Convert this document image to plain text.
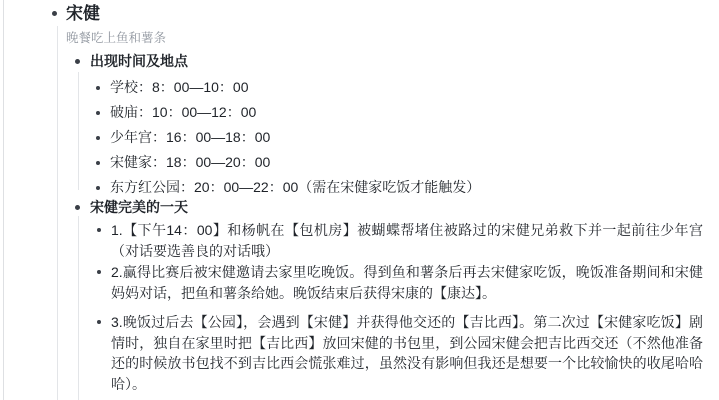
宋健
晚餐吃上鱼和薯条
出现时间及地点
学校：8：00—10：00
破庙：10：00—12：00
少年宫：16：00—18：00
宋健家：18：00—20：00
东方红公园：20：00—22：00（需在宋健家吃饭才能触发）
宋健完美的一天
1.【下午14：00】和杨帆在【包机房】被蝴蝶帮堵住被路过的宋健兄弟救下并一起前往少年宫（对话要选善良的对话哦）
2.赢得比赛后被宋健邀请去家里吃晚饭。得到鱼和薯条后再去宋健家吃饭，晚饭准备期间和宋健妈妈对话，把鱼和薯条给她。晚饭结束后获得宋康的【康达】。
3.晚饭过后去【公园】，会遇到【宋健】并获得他交还的【吉比西】。第二次过【宋健家吃饭】剧情时，独自在家里时把【吉比西】放回宋健的书包里，到公园宋健会把吉比西交还（不然他准备还的时候放书包找不到吉比西会慌张难过，虽然没有影响但我还是想要一个比较愉快的收尾哈哈哈）。
